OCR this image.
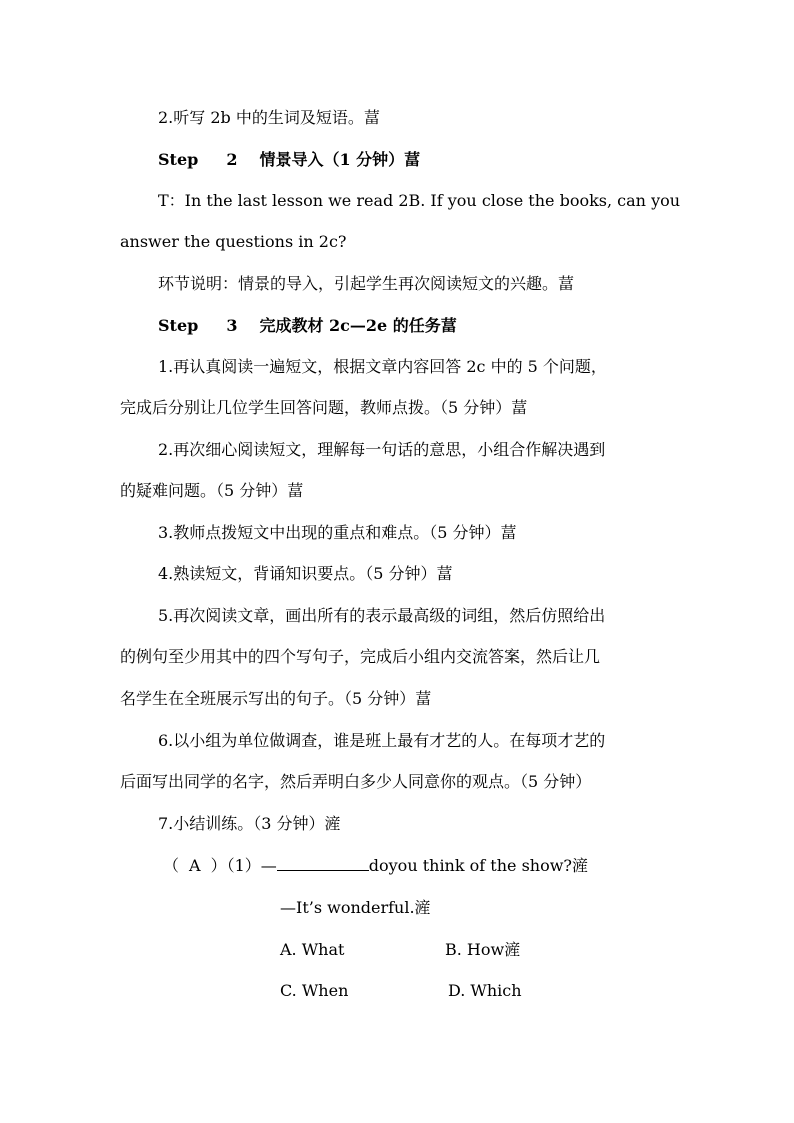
2.听写 2b 中的生词及短语。葍
Step 2 情景导入（1 分钟）葍
T：In the last lesson we read 2B. If you close the books, can you
answer the questions in 2c?
环节说明：情景的导入，引起学生再次阅读短文的兴趣。葍
Step 3 完成教材 2c—2e 的任务葍
1.再认真阅读一遍短文，根据文章内容回答 2c 中的 5 个问题，
完成后分别让几位学生回答问题，教师点拨。（5 分钟）葍
2.再次细心阅读短文，理解每一句话的意思，小组合作解决遇到
的疑难问题。（5 分钟）葍
3.教师点拨短文中出现的重点和难点。（5 分钟）葍
4.熟读短文，背诵知识要点。（5 分钟）葍
5.再次阅读文章，画出所有的表示最高级的词组，然后仿照给出
的例句至少用其中的四个写句子，完成后小组内交流答案，然后让几
名学生在全班展示写出的句子。（5 分钟）葍
6.以小组为单位做调查，谁是班上最有才艺的人。在每项才艺的
后面写出同学的名字，然后弄明白多少人同意你的观点。（5 分钟）
7.小结训练。（3 分钟）滻
（ A ）（1）—	doyou think of the show?滻
—It’s wonderful.滻
A. What	B. How滻
C. When	D. Which
